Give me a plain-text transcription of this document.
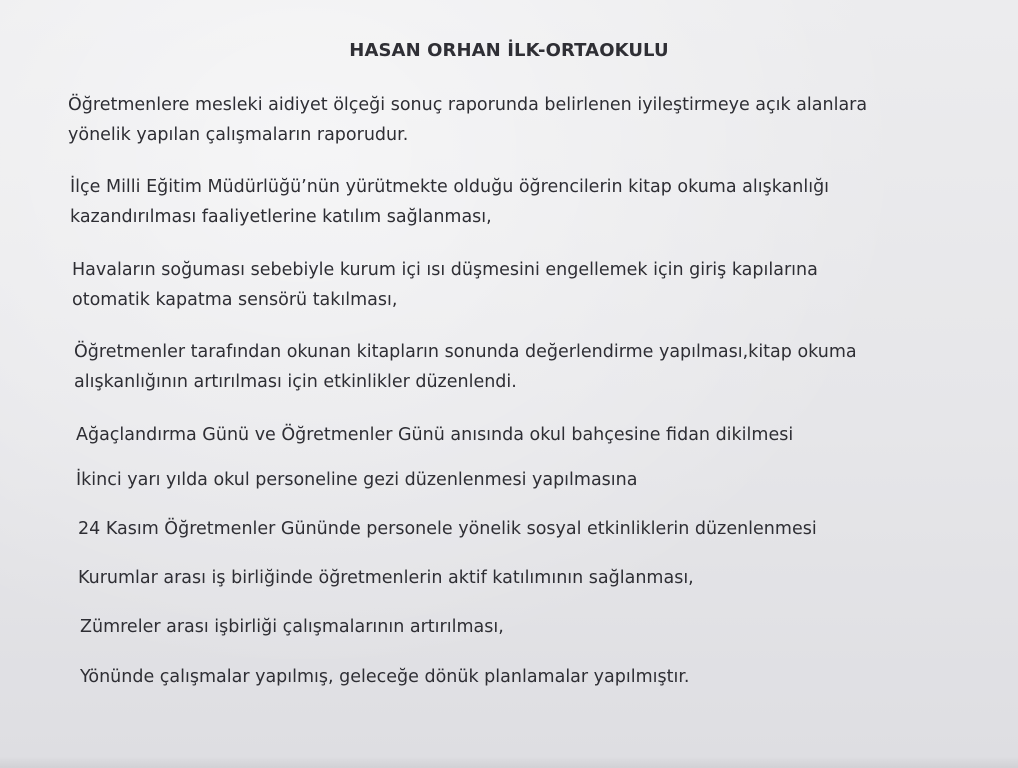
HASAN ORHAN İLK-ORTAOKULU
Öğretmenlere mesleki aidiyet ölçeği sonuç raporunda belirlenen iyileştirmeye açık alanlara
yönelik yapılan çalışmaların raporudur.
İlçe Milli Eğitim Müdürlüğü’nün yürütmekte olduğu öğrencilerin kitap okuma alışkanlığı
kazandırılması faaliyetlerine katılım sağlanması,
Havaların soğuması sebebiyle kurum içi ısı düşmesini engellemek için giriş kapılarına
otomatik kapatma sensörü takılması,
Öğretmenler tarafından okunan kitapların sonunda değerlendirme yapılması,kitap okuma
alışkanlığının artırılması için etkinlikler düzenlendi.
Ağaçlandırma Günü ve Öğretmenler Günü anısında okul bahçesine fidan dikilmesi
İkinci yarı yılda okul personeline gezi düzenlenmesi yapılmasına
24 Kasım Öğretmenler Gününde personele yönelik sosyal etkinliklerin düzenlenmesi
Kurumlar arası iş birliğinde öğretmenlerin aktif katılımının sağlanması,
Zümreler arası işbirliği çalışmalarının artırılması,
Yönünde çalışmalar yapılmış, geleceğe dönük planlamalar yapılmıştır.
